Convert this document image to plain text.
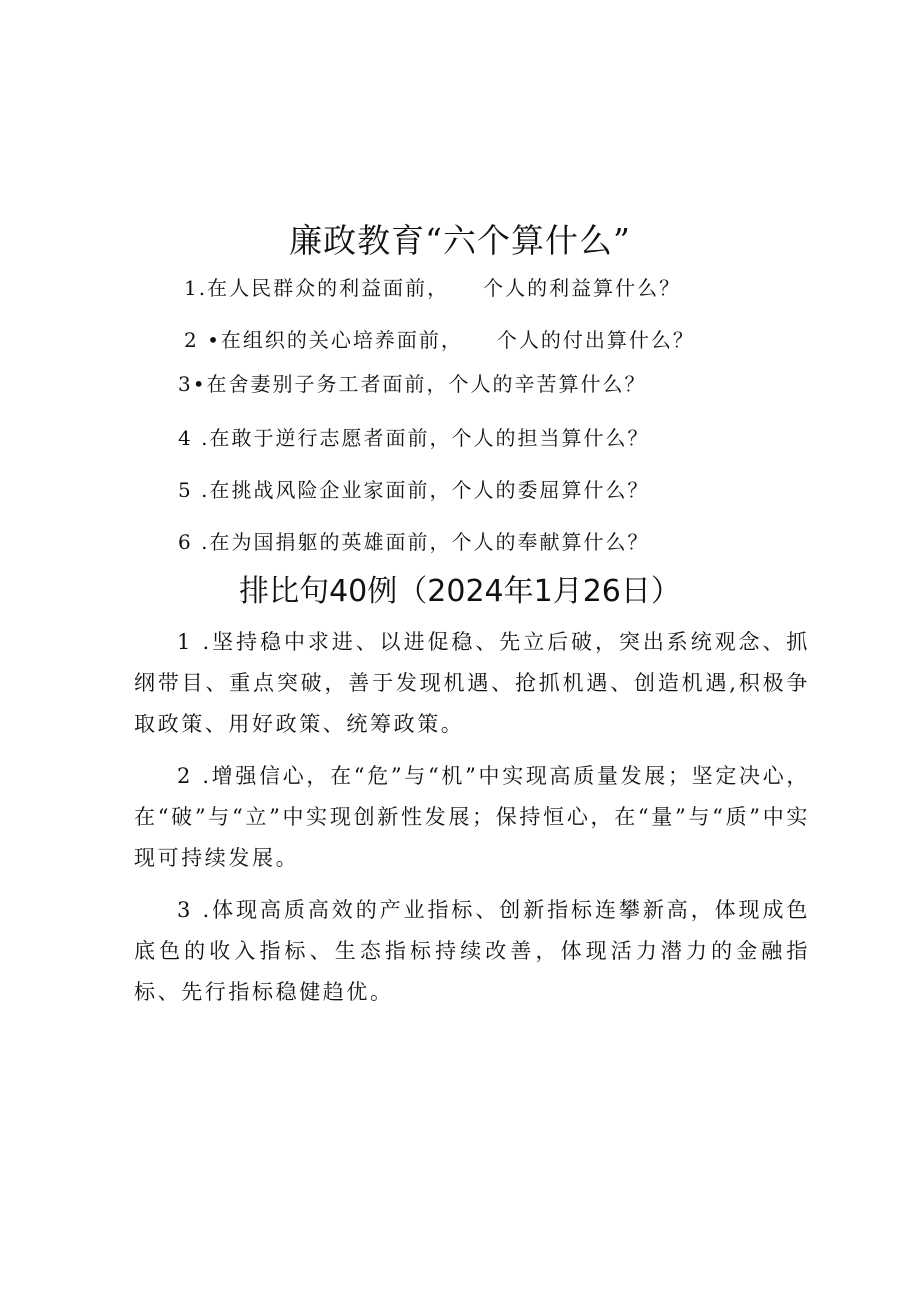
廉政教育“六个算什么”
1.在人民群众的利益面前， 个人的利益算什么？
2 •在组织的关心培养面前， 个人的付出算什么？
3•在舍妻别子务工者面前，个人的辛苦算什么？
4 .在敢于逆行志愿者面前，个人的担当算什么？
5 .在挑战风险企业家面前，个人的委屈算什么？
6 .在为国捐躯的英雄面前，个人的奉献算什么？
排比句40例（2024年1月26日）

1 .坚持稳中求进、以进促稳、先立后破，突出系统观念、抓纲带目、重点突破，善于发现机遇、抢抓机遇、创造机遇,积极争取政策、用好政策、统筹政策。

2 .增强信心，在“危”与“机”中实现高质量发展；坚定决心，在“破”与“立”中实现创新性发展；保持恒心，在“量”与“质”中实现可持续发展。

3 .体现高质高效的产业指标、创新指标连攀新高，体现成色底色的收入指标、生态指标持续改善，体现活力潜力的金融指标、先行指标稳健趋优。
